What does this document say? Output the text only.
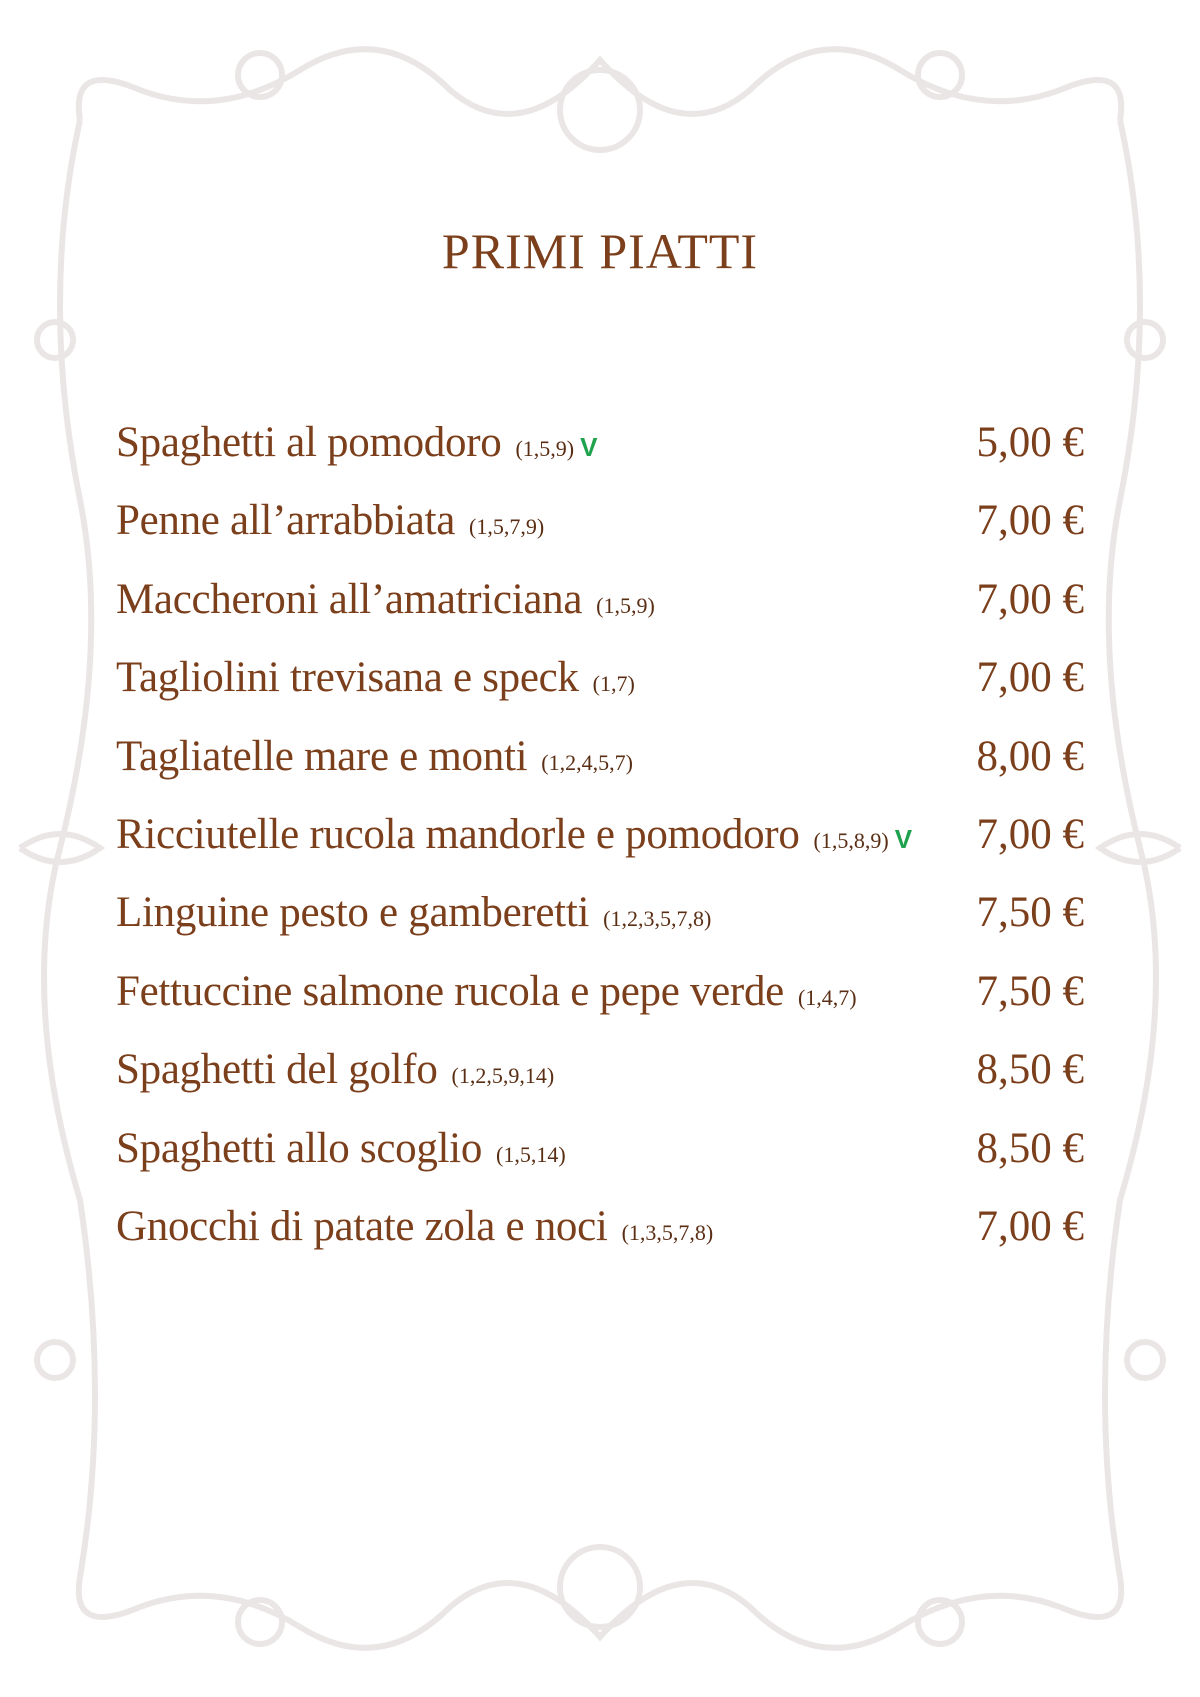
PRIMI PIATTI
Spaghetti al pomodoro (1,5,9) V	5,00 €
Penne all’arrabbiata (1,5,7,9)	7,00 €
Maccheroni all’amatriciana (1,5,9)	7,00 €
Tagliolini trevisana e speck (1,7)	7,00 €
Tagliatelle mare e monti (1,2,4,5,7)	8,00 €
Ricciutelle rucola mandorle e pomodoro (1,5,8,9) V 7,00 €
Linguine pesto e gamberetti (1,2,3,5,7,8)	7,50 €
Fettuccine salmone rucola e pepe verde (1,4,7)	7,50 €
Spaghetti del golfo (1,2,5,9,14)	8,50 €
Spaghetti allo scoglio (1,5,14)	8,50 €
Gnocchi di patate zola e noci (1,3,5,7,8)	7,00 €
